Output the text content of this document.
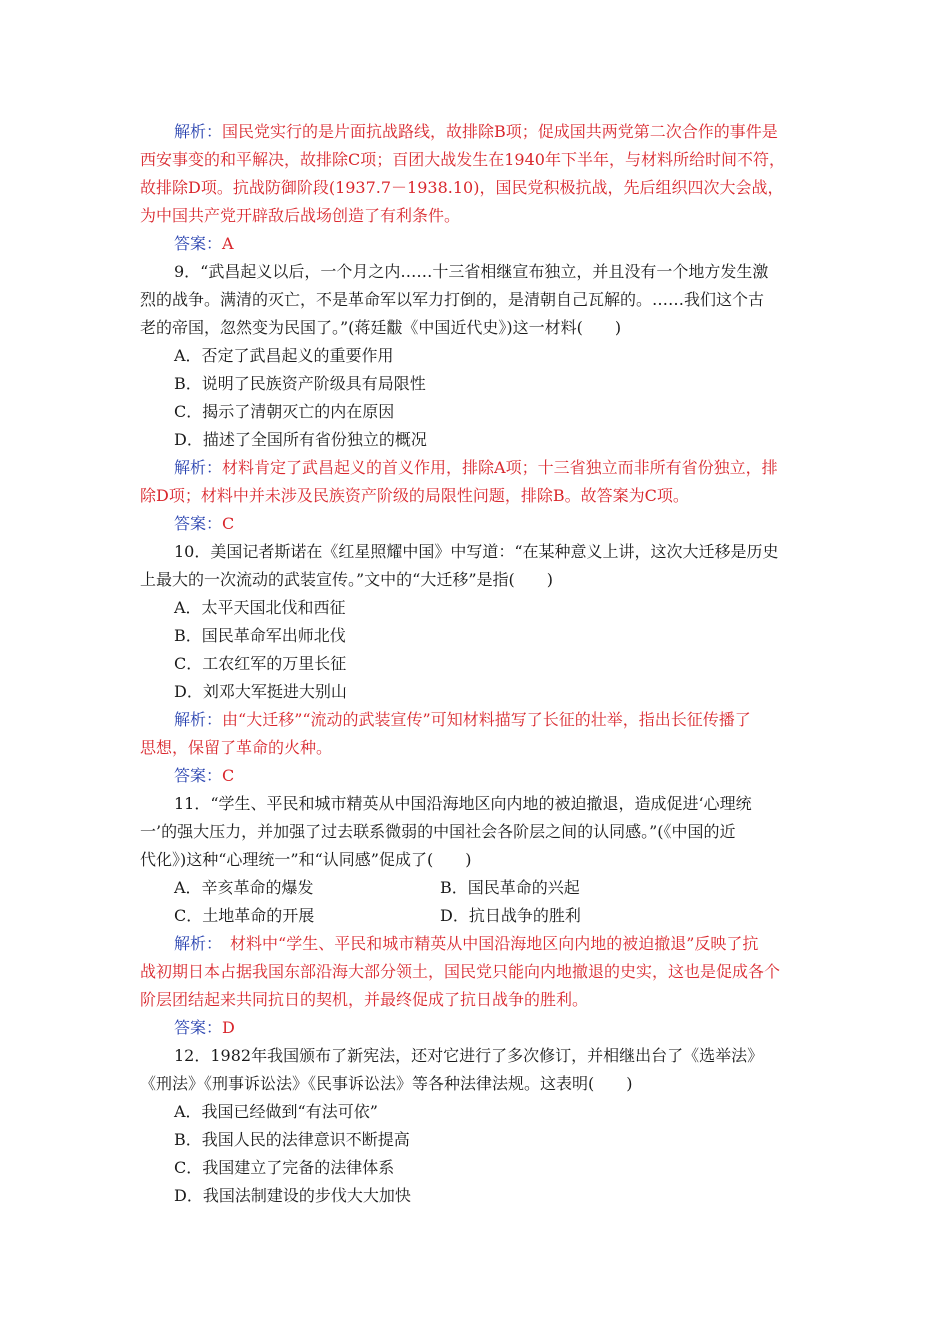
解析：国民党实行的是片面抗战路线，故排除B项；促成国共两党第二次合作的事件是
西安事变的和平解决，故排除C项；百团大战发生在1940年下半年，与材料所给时间不符，
故排除D项。抗战防御阶段(1937.7－1938.10)，国民党积极抗战，先后组织四次大会战，
为中国共产党开辟敌后战场创造了有利条件。
答案：A
9．“武昌起义以后，一个月之内……十三省相继宣布独立，并且没有一个地方发生激
烈的战争。满清的灭亡，不是革命军以军力打倒的，是清朝自己瓦解的。……我们这个古
老的帝国，忽然变为民国了。”(蒋廷黻《中国近代史》)这一材料(　　)
A．否定了武昌起义的重要作用
B．说明了民族资产阶级具有局限性
C．揭示了清朝灭亡的内在原因
D．描述了全国所有省份独立的概况
解析：材料肯定了武昌起义的首义作用，排除A项；十三省独立而非所有省份独立，排
除D项；材料中并未涉及民族资产阶级的局限性问题，排除B。故答案为C项。
答案：C
10．美国记者斯诺在《红星照耀中国》中写道：“在某种意义上讲，这次大迁移是历史
上最大的一次流动的武装宣传。”文中的“大迁移”是指(　　)
A．太平天国北伐和西征
B．国民革命军出师北伐
C．工农红军的万里长征
D．刘邓大军挺进大别山
解析：由“大迁移”“流动的武装宣传”可知材料描写了长征的壮举，指出长征传播了
思想，保留了革命的火种。
答案：C
11．“学生、平民和城市精英从中国沿海地区向内地的被迫撤退，造成促进‘心理统
一’的强大压力，并加强了过去联系微弱的中国社会各阶层之间的认同感。”(《中国的近
代化》)这种“心理统一”和“认同感”促成了(　　)
A．辛亥革命的爆发	B．国民革命的兴起
C．土地革命的开展	D．抗日战争的胜利
解析：　材料中“学生、平民和城市精英从中国沿海地区向内地的被迫撤退”反映了抗
战初期日本占据我国东部沿海大部分领土，国民党只能向内地撤退的史实，这也是促成各个
阶层团结起来共同抗日的契机，并最终促成了抗日战争的胜利。
答案：D
12．1982年我国颁布了新宪法，还对它进行了多次修订，并相继出台了《选举法》
《刑法》《刑事诉讼法》《民事诉讼法》等各种法律法规。这表明(　　)
A．我国已经做到“有法可依”
B．我国人民的法律意识不断提高
C．我国建立了完备的法律体系
D．我国法制建设的步伐大大加快
